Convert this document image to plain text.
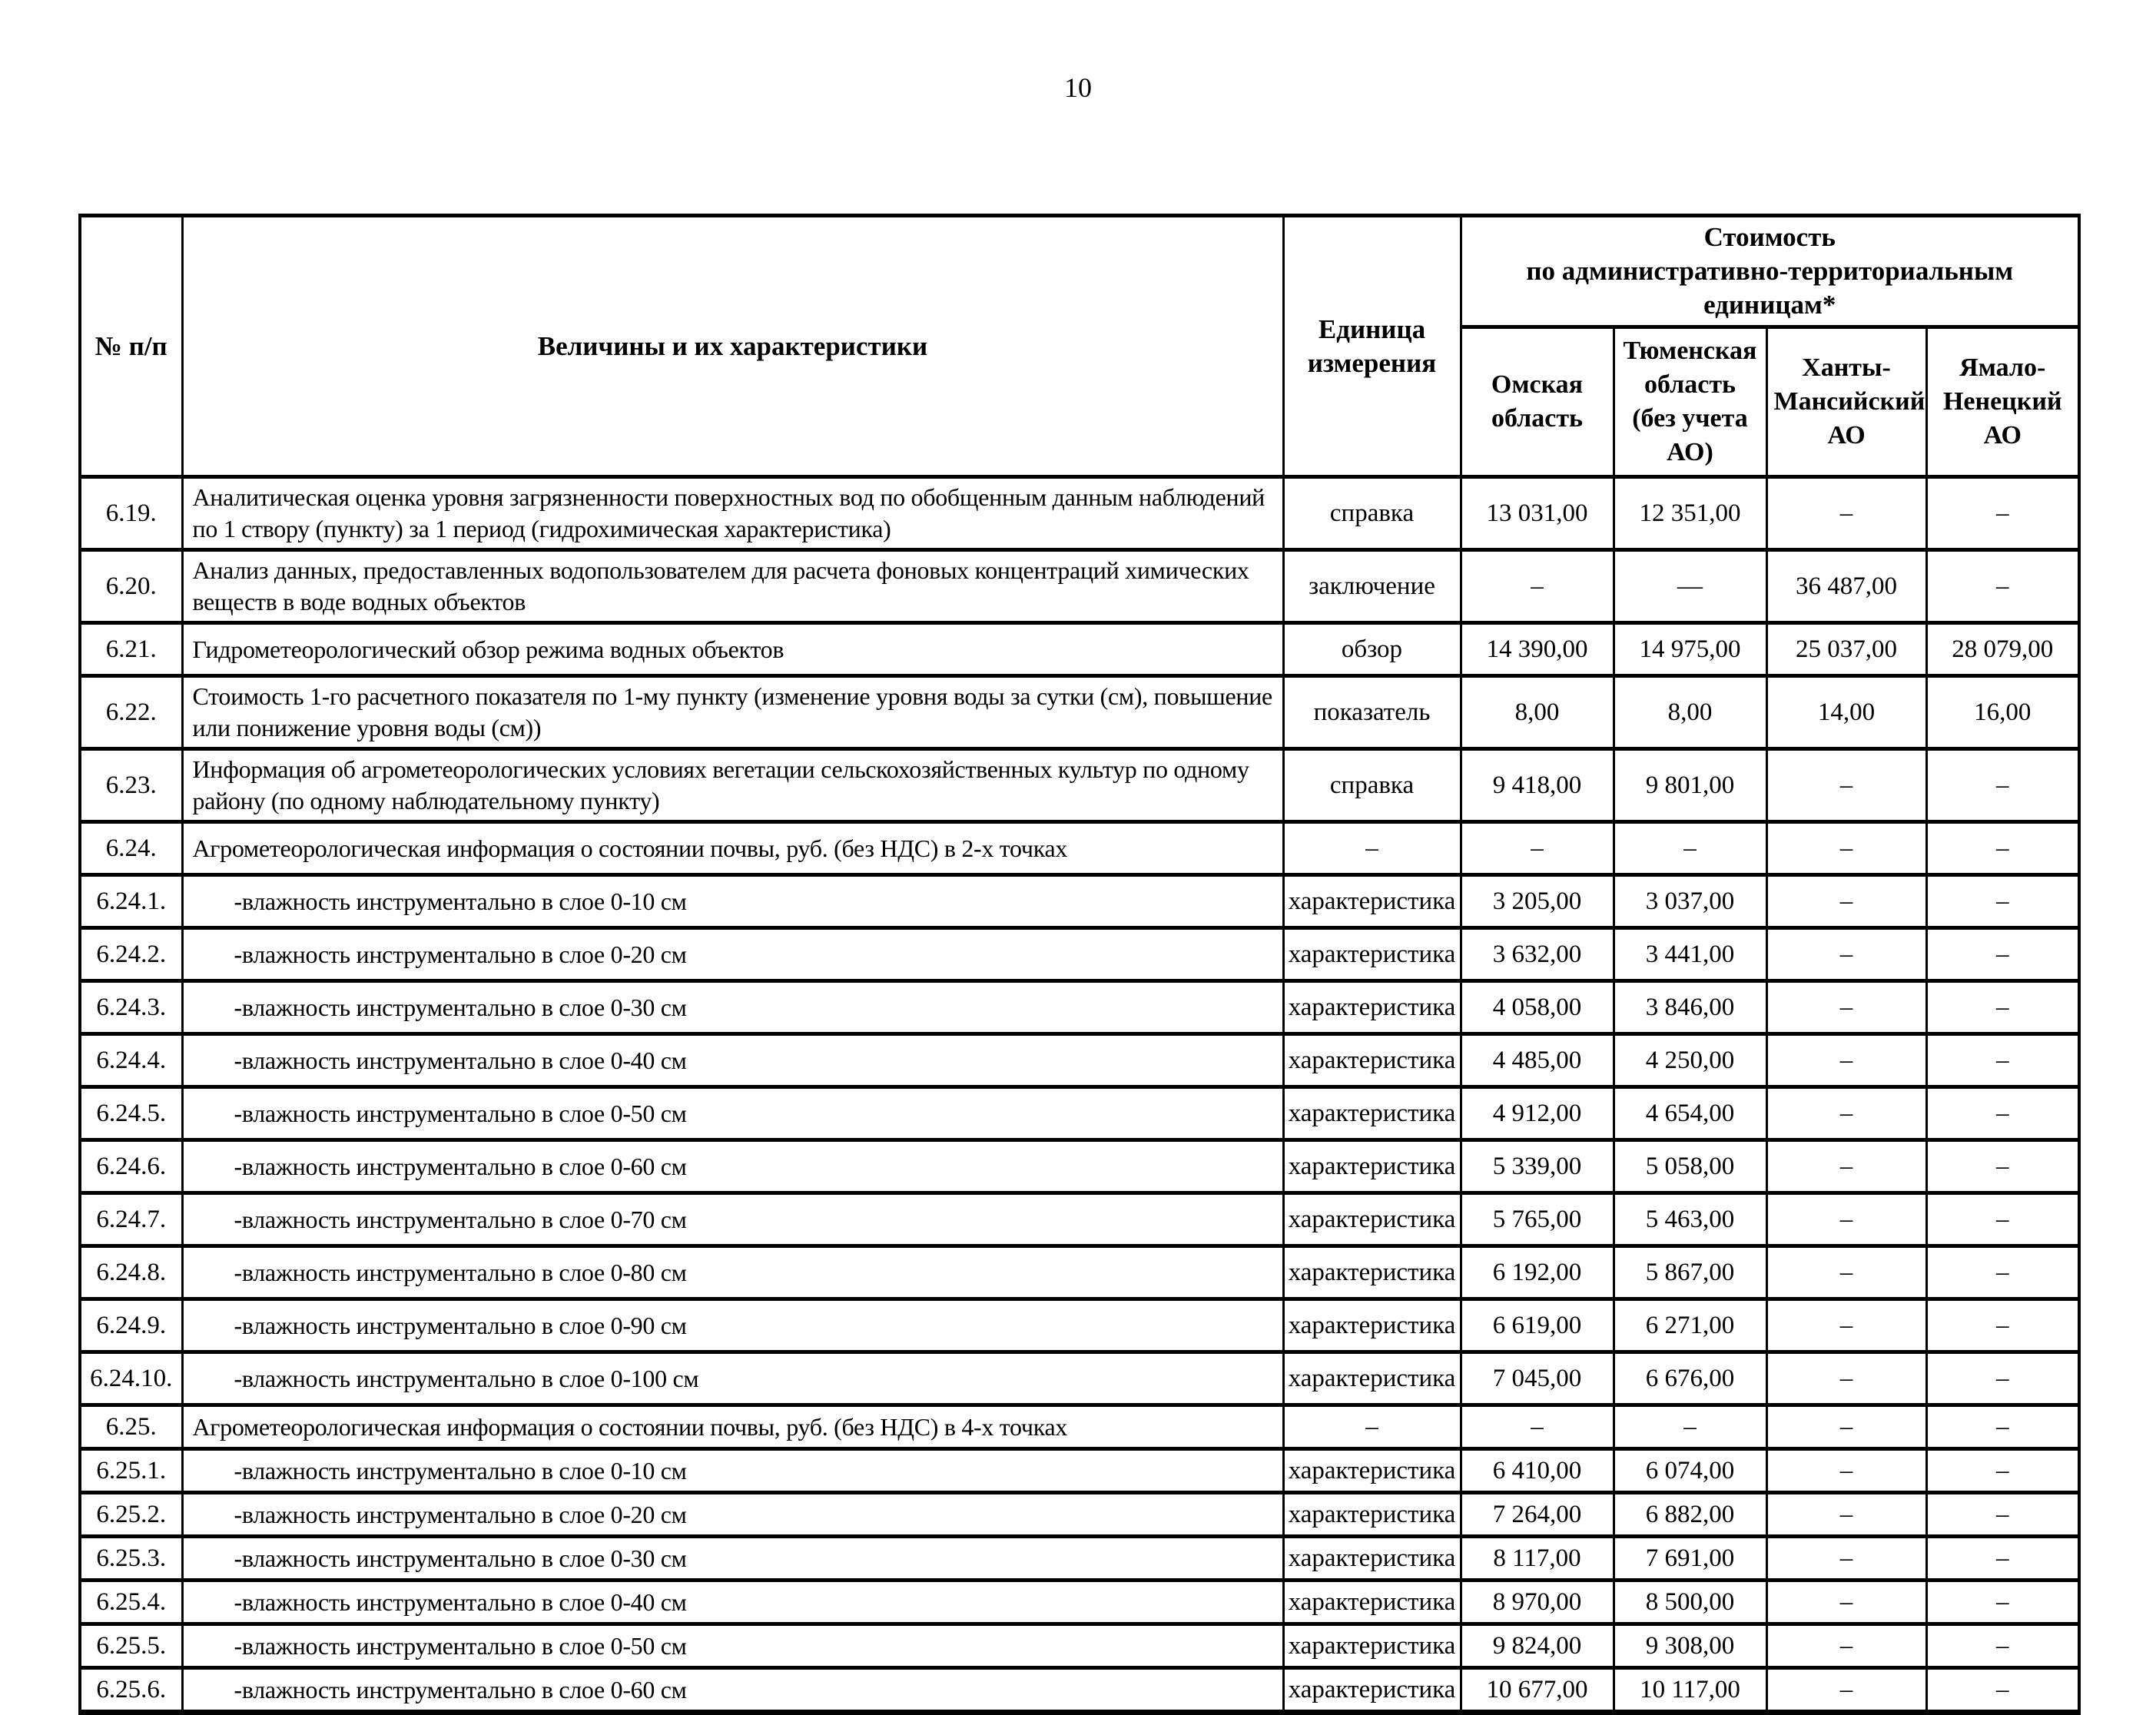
10
№ п/п	Величины и их характеристики	Единица измерения	Стоимость
по административно-территориальным единицам*			

			Омская область	Тюменская область (без учета АО)	Ханты-Мансийский АО	Ямало-Ненецкий АО
6.19.	Аналитическая оценка уровня загрязненности поверхностных вод по обобщенным данным наблюдений по 1 створу (пункту) за 1 период (гидрохимическая характеристика)	справка	13 031,00	12 351,00	–	–
6.20.	Анализ данных, предоставленных водопользователем для расчета фоновых концентраций химических веществ в воде водных объектов	заключение	–	—	36 487,00	–
6.21.	Гидрометеорологический обзор режима водных объектов	обзор	14 390,00	14 975,00	25 037,00	28 079,00
6.22.	Стоимость 1-го расчетного показателя по 1-му пункту (изменение уровня воды за сутки (см), повышение или понижение уровня воды (см))	показатель	8,00	8,00	14,00	16,00
6.23.	Информация об агрометеорологических условиях вегетации сельскохозяйственных культур по одному району (по одному наблюдательному пункту)	справка	9 418,00	9 801,00	–	–
6.24.	Агрометеорологическая информация о состоянии почвы, руб. (без НДС) в 2-х точках	–	–	–	–	–
6.24.1.	-влажность инструментально в слое 0-10 см	характеристика	3 205,00	3 037,00	–	–
6.24.2.	-влажность инструментально в слое 0-20 см	характеристика	3 632,00	3 441,00	–	–
6.24.3.	-влажность инструментально в слое 0-30 см	характеристика	4 058,00	3 846,00	–	–
6.24.4.	-влажность инструментально в слое 0-40 см	характеристика	4 485,00	4 250,00	–	–
6.24.5.	-влажность инструментально в слое 0-50 см	характеристика	4 912,00	4 654,00	–	–
6.24.6.	-влажность инструментально в слое 0-60 см	характеристика	5 339,00	5 058,00	–	–
6.24.7.	-влажность инструментально в слое 0-70 см	характеристика	5 765,00	5 463,00	–	–
6.24.8.	-влажность инструментально в слое 0-80 см	характеристика	6 192,00	5 867,00	–	–
6.24.9.	-влажность инструментально в слое 0-90 см	характеристика	6 619,00	6 271,00	–	–
6.24.10.	-влажность инструментально в слое 0-100 см	характеристика	7 045,00	6 676,00	–	–
6.25.	Агрометеорологическая информация о состоянии почвы, руб. (без НДС) в 4-х точках	–	–	–	–	–
6.25.1.	-влажность инструментально в слое 0-10 см	характеристика	6 410,00	6 074,00	–	–
6.25.2.	-влажность инструментально в слое 0-20 см	характеристика	7 264,00	6 882,00	–	–
6.25.3.	-влажность инструментально в слое 0-30 см	характеристика	8 117,00	7 691,00	–	–
6.25.4.	-влажность инструментально в слое 0-40 см	характеристика	8 970,00	8 500,00	–	–
6.25.5.	-влажность инструментально в слое 0-50 см	характеристика	9 824,00	9 308,00	–	–
6.25.6.	-влажность инструментально в слое 0-60 см	характеристика	10 677,00	10 117,00	–	–
